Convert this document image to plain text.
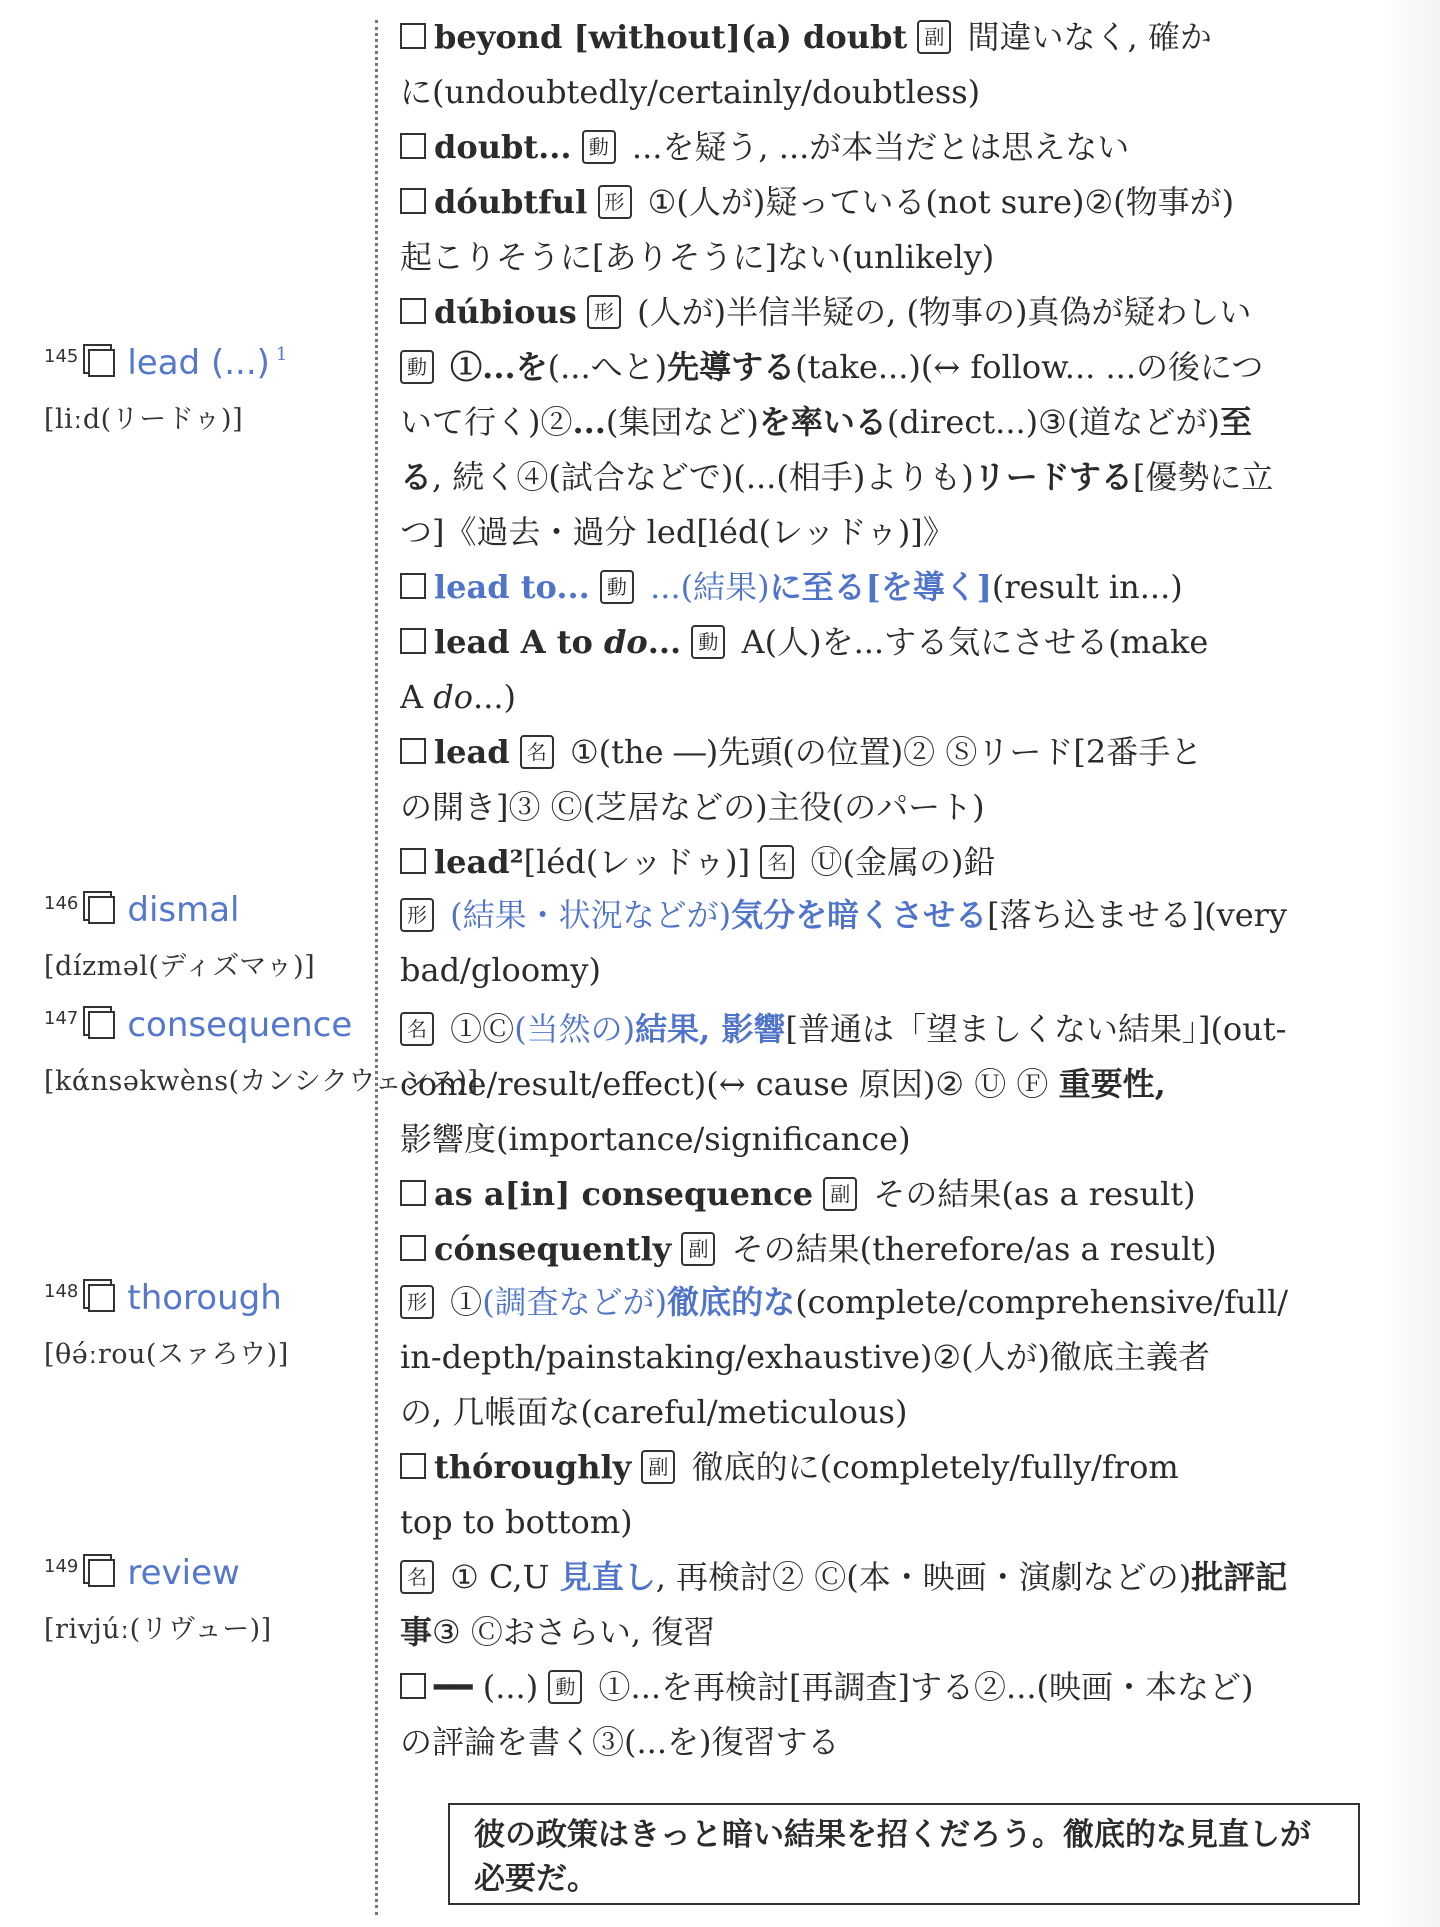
beyond [without](a) doubt 副 間違いなく, 確か
に(undoubtedly/certainly/doubtless)
doubt... 動 ...を疑う, ...が本当だとは思えない
dóubtful 形 ①(人が)疑っている(not sure)②(物事が)
起こりそうに[ありそうに]ない(unlikely)
dúbious 形 (人が)半信半疑の, (物事の)真偽が疑わしい
145 lead (...) 1
[liːd(リードゥ)]
動 ①...を(...へと)先導する(take...)(↔ follow... ...の後につ
いて行く)②...(集団など)を率いる(direct...)③(道などが)至
る, 続く④(試合などで)(...(相手)よりも)リードする[優勢に立
つ]《過去・過分 led[léd(レッドゥ)]》
lead to... 動 ...(結果)に至る[を導く](result in...)
lead A to do... 動 A(人)を...する気にさせる(make
A do...)
lead 名 ①(the ―)先頭(の位置)② Ⓢリード[2番手と
の開き]③ Ⓒ(芝居などの)主役(のパート)
lead²[léd(レッドゥ)] 名 Ⓤ(金属の)鉛
146 dismal
[dízməl(ディズマゥ)]
形 (結果・状況などが)気分を暗くさせる[落ち込ませる](very
bad/gloomy)
147 consequence
[kάnsəkwèns(カンシクウェンス)]
名 ①Ⓒ(当然の)結果, 影響[普通は「望ましくない結果」](out-
come/result/effect)(↔ cause 原因)② Ⓤ Ⓕ 重要性,
影響度(importance/significance)
as a[in] consequence 副 その結果(as a result)
cónsequently 副 その結果(therefore/as a result)
148 thorough
[θə́ːrou(スァろウ)]
形 ①(調査などが)徹底的な(complete/comprehensive/full/
in-depth/painstaking/exhaustive)②(人が)徹底主義者
の, 几帳面な(careful/meticulous)
thóroughly 副 徹底的に(completely/fully/from
top to bottom)
149 review
[rivjúː(リヴュー)]
名 ① C,U 見直し, 再検討② Ⓒ(本・映画・演劇などの)批評記
事③ Ⓒおさらい, 復習
━━ (...) 動 ①...を再検討[再調査]する②...(映画・本など)
の評論を書く③(...を)復習する
彼の政策はきっと暗い結果を招くだろう。徹底的な見直しが必要だ。
